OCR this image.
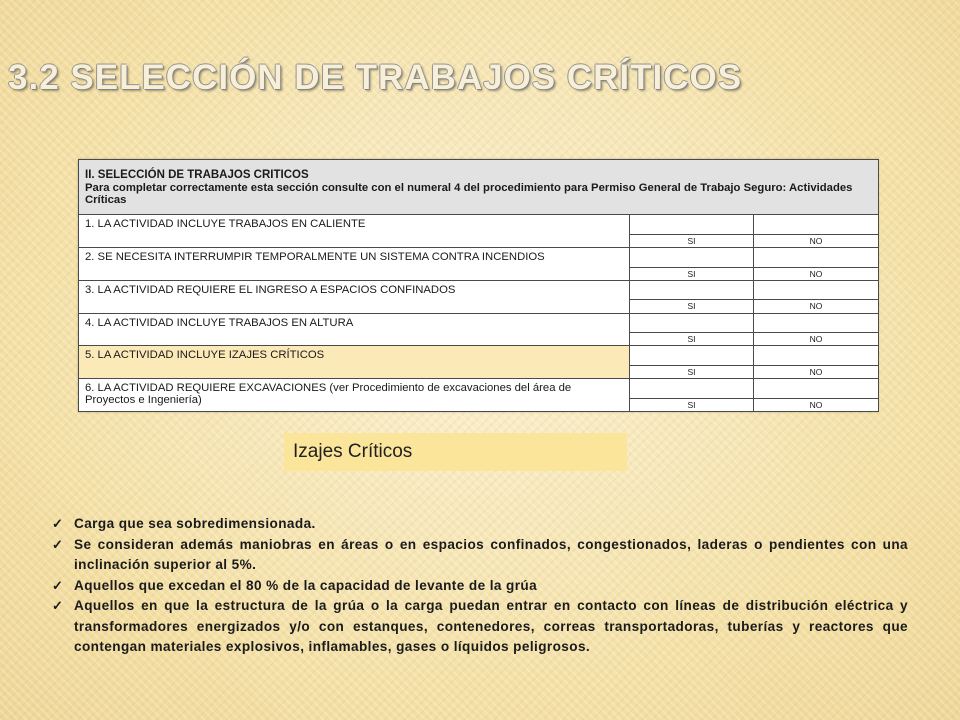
3.2 SELECCIÓN DE TRABAJOS CRÍTICOS
II. SELECCIÓN DE TRABAJOS CRITICOS
Para completar correctamente esta sección consulte con el numeral 4 del procedimiento para Permiso General de Trabajo Seguro: Actividades Críticas		
1. LA ACTIVIDAD INCLUYE TRABAJOS EN CALIENTE		
	SI	NO
2. SE NECESITA INTERRUMPIR TEMPORALMENTE UN SISTEMA CONTRA INCENDIOS		
	SI	NO
3. LA ACTIVIDAD REQUIERE EL INGRESO A ESPACIOS CONFINADOS		
	SI	NO
4. LA ACTIVIDAD INCLUYE TRABAJOS EN ALTURA		
	SI	NO
5. LA ACTIVIDAD INCLUYE IZAJES CRÍTICOS		
	SI	NO
6. LA ACTIVIDAD REQUIERE EXCAVACIONES (ver Procedimiento de excavaciones del área de Proyectos e Ingeniería)		
	SI	NO
Izajes Críticos
✓ Carga que sea sobredimensionada.
✓ Se consideran además maniobras en áreas o en espacios confinados, congestionados, laderas o pendientes con una inclinación superior al 5%.
✓ Aquellos que excedan el 80 % de la capacidad de levante de la grúa
✓ Aquellos en que la estructura de la grúa o la carga puedan entrar en contacto con líneas de distribución eléctrica y transformadores energizados y/o con estanques, contenedores, correas transportadoras, tuberías y reactores que contengan materiales explosivos, inflamables, gases o líquidos peligrosos.
